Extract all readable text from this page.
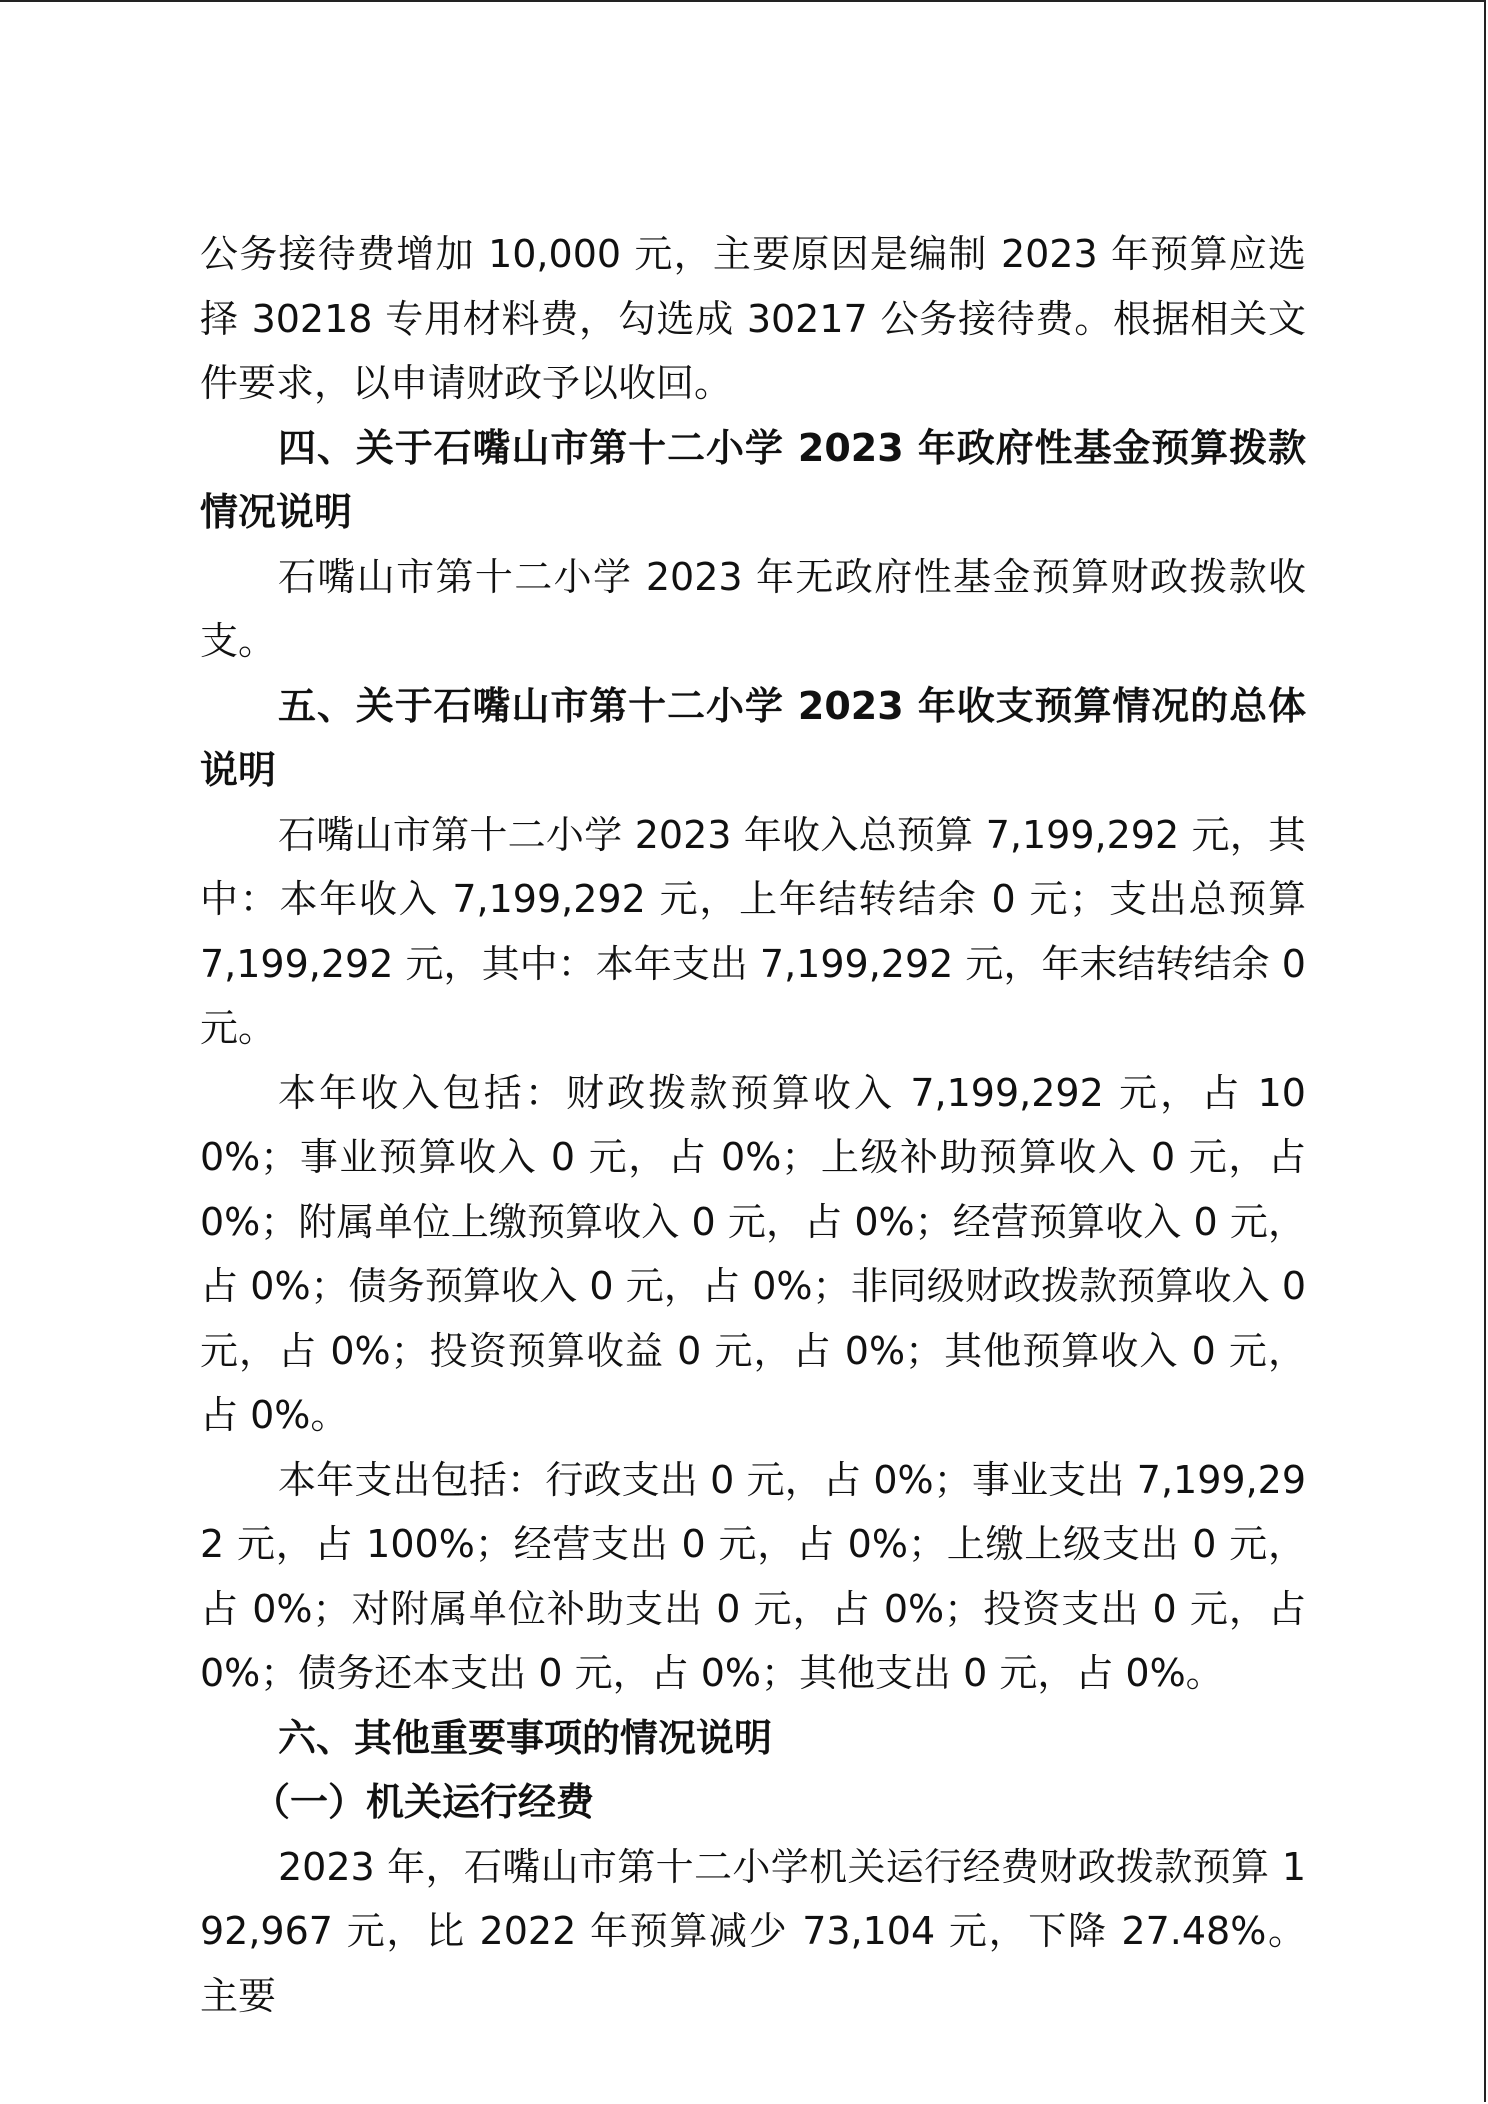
公务接待费增加 10,000 元，主要原因是编制 2023 年预算应选择 30218 专用材料费，勾选成 30217 公务接待费。根据相关文件要求，以申请财政予以收回。

四、关于石嘴山市第十二小学 2023 年政府性基金预算拨款情况说明

石嘴山市第十二小学 2023 年无政府性基金预算财政拨款收支。

五、关于石嘴山市第十二小学 2023 年收支预算情况的总体说明

石嘴山市第十二小学 2023 年收入总预算 7,199,292 元，其中：本年收入 7,199,292 元，上年结转结余 0 元；支出总预算 7,199,292 元，其中：本年支出 7,199,292 元，年末结转结余 0 元。

本年收入包括：财政拨款预算收入 7,199,292 元，占 100%；事业预算收入 0 元，占 0%；上级补助预算收入 0 元，占 0%；附属单位上缴预算收入 0 元，占 0%；经营预算收入 0 元，占 0%；债务预算收入 0 元，占 0%；非同级财政拨款预算收入 0 元，占 0%；投资预算收益 0 元，占 0%；其他预算收入 0 元，占 0%。

本年支出包括：行政支出 0 元，占 0%；事业支出 7,199,292 元，占 100%；经营支出 0 元，占 0%；上缴上级支出 0 元，占 0%；对附属单位补助支出 0 元，占 0%；投资支出 0 元，占 0%；债务还本支出 0 元，占 0%；其他支出 0 元，占 0%。

六、其他重要事项的情况说明

（一）机关运行经费

2023 年，石嘴山市第十二小学机关运行经费财政拨款预算 192,967 元，比 2022 年预算减少 73,104 元，下降 27.48%。主要
